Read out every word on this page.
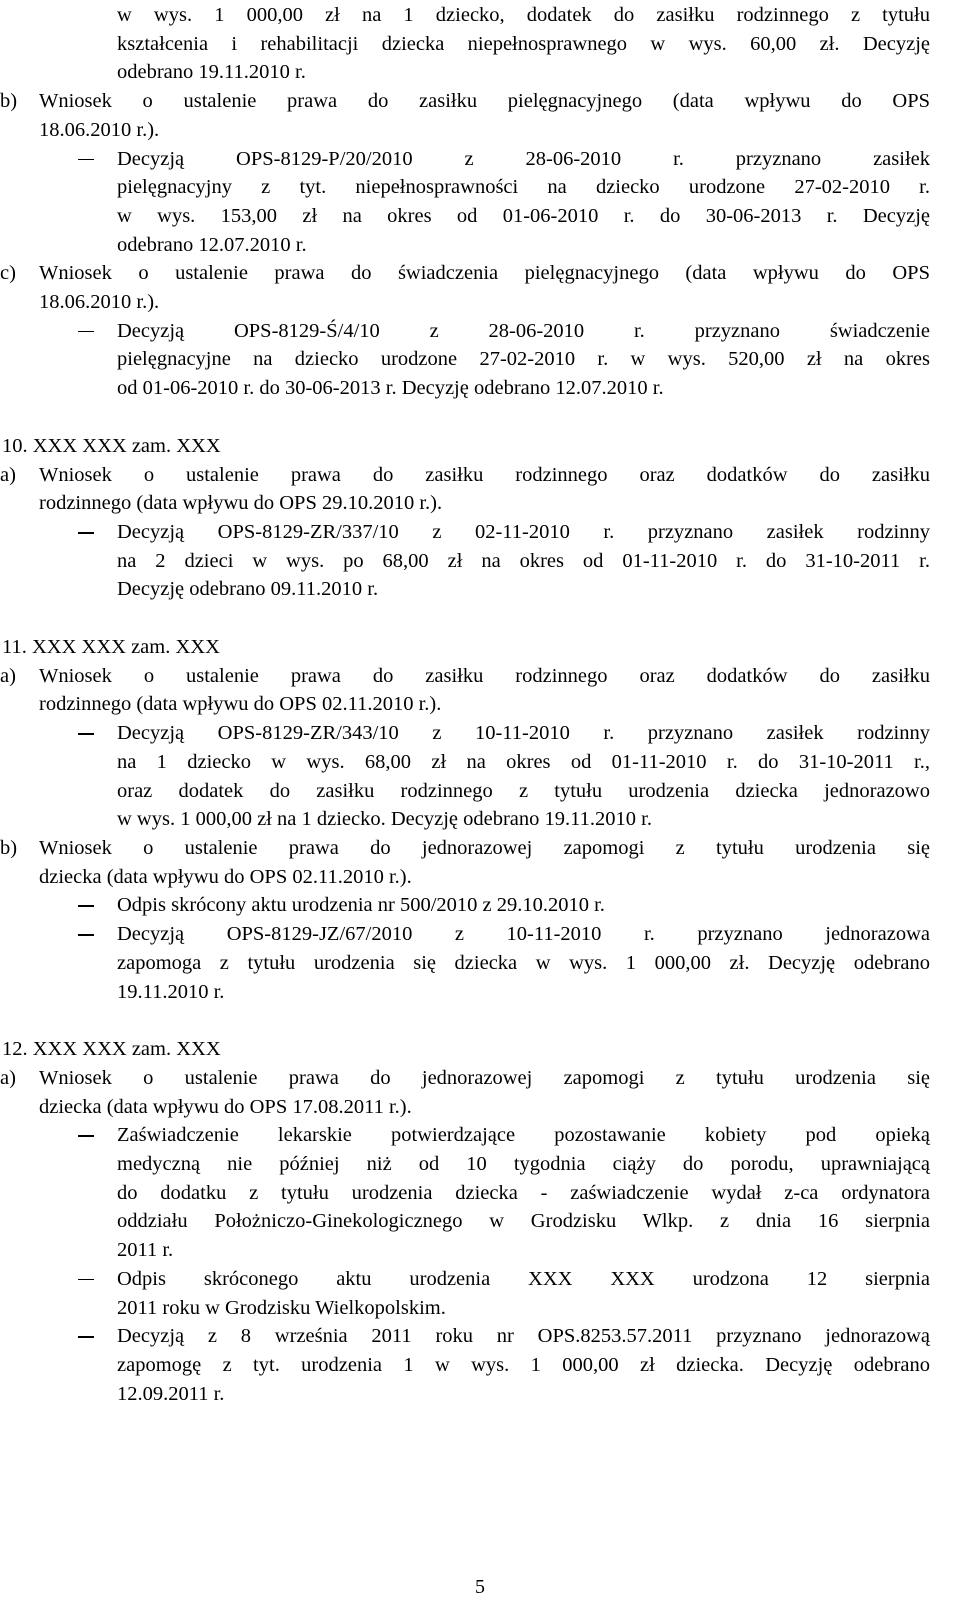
w wys. 1 000,00 zł na 1 dziecko, dodatek do zasiłku rodzinnego z tytułu
kształcenia i rehabilitacji dziecka niepełnosprawnego w wys. 60,00 zł. Decyzję
odebrano 19.11.2010 r.
b) Wniosek o ustalenie prawa do zasiłku pielęgnacyjnego (data wpływu do OPS
18.06.2010 r.).
Decyzją OPS-8129-P/20/2010 z 28-06-2010 r. przyznano zasiłek
pielęgnacyjny z tyt. niepełnosprawności na dziecko urodzone 27-02-2010 r.
w wys. 153,00 zł na okres od 01-06-2010 r. do 30-06-2013 r. Decyzję
odebrano 12.07.2010 r.
c) Wniosek o ustalenie prawa do świadczenia pielęgnacyjnego (data wpływu do OPS
18.06.2010 r.).
Decyzją OPS-8129-Ś/4/10 z 28-06-2010 r. przyznano świadczenie
pielęgnacyjne na dziecko urodzone 27-02-2010 r. w wys. 520,00 zł na okres
od 01-06-2010 r. do 30-06-2013 r. Decyzję odebrano 12.07.2010 r.
10. XXX XXX zam. XXX
a) Wniosek o ustalenie prawa do zasiłku rodzinnego oraz dodatków do zasiłku
rodzinnego (data wpływu do OPS 29.10.2010 r.).
Decyzją OPS-8129-ZR/337/10 z 02-11-2010 r. przyznano zasiłek rodzinny
na 2 dzieci w wys. po 68,00 zł na okres od 01-11-2010 r. do 31-10-2011 r.
Decyzję odebrano 09.11.2010 r.
11. XXX XXX zam. XXX
a) Wniosek o ustalenie prawa do zasiłku rodzinnego oraz dodatków do zasiłku
rodzinnego (data wpływu do OPS 02.11.2010 r.).
Decyzją OPS-8129-ZR/343/10 z 10-11-2010 r. przyznano zasiłek rodzinny
na 1 dziecko w wys. 68,00 zł na okres od 01-11-2010 r. do 31-10-2011 r.,
oraz dodatek do zasiłku rodzinnego z tytułu urodzenia dziecka jednorazowo
w wys. 1 000,00 zł na 1 dziecko. Decyzję odebrano 19.11.2010 r.
b) Wniosek o ustalenie prawa do jednorazowej zapomogi z tytułu urodzenia się
dziecka (data wpływu do OPS 02.11.2010 r.).
Odpis skrócony aktu urodzenia nr 500/2010 z 29.10.2010 r.
Decyzją OPS-8129-JZ/67/2010 z 10-11-2010 r. przyznano jednorazowa
zapomoga z tytułu urodzenia się dziecka w wys. 1 000,00 zł. Decyzję odebrano
19.11.2010 r.
12. XXX XXX zam. XXX
a) Wniosek o ustalenie prawa do jednorazowej zapomogi z tytułu urodzenia się
dziecka (data wpływu do OPS 17.08.2011 r.).
Zaświadczenie lekarskie potwierdzające pozostawanie kobiety pod opieką
medyczną nie później niż od 10 tygodnia ciąży do porodu, uprawniającą
do dodatku z tytułu urodzenia dziecka - zaświadczenie wydał z-ca ordynatora
oddziału Położniczo-Ginekologicznego w Grodzisku Wlkp. z dnia 16 sierpnia
2011 r.
Odpis skróconego aktu urodzenia XXX XXX urodzona 12 sierpnia
2011 roku w Grodzisku Wielkopolskim.
Decyzją z 8 września 2011 roku nr OPS.8253.57.2011 przyznano jednorazową
zapomogę z tyt. urodzenia 1 w wys. 1 000,00 zł dziecka. Decyzję odebrano
12.09.2011 r.
5
